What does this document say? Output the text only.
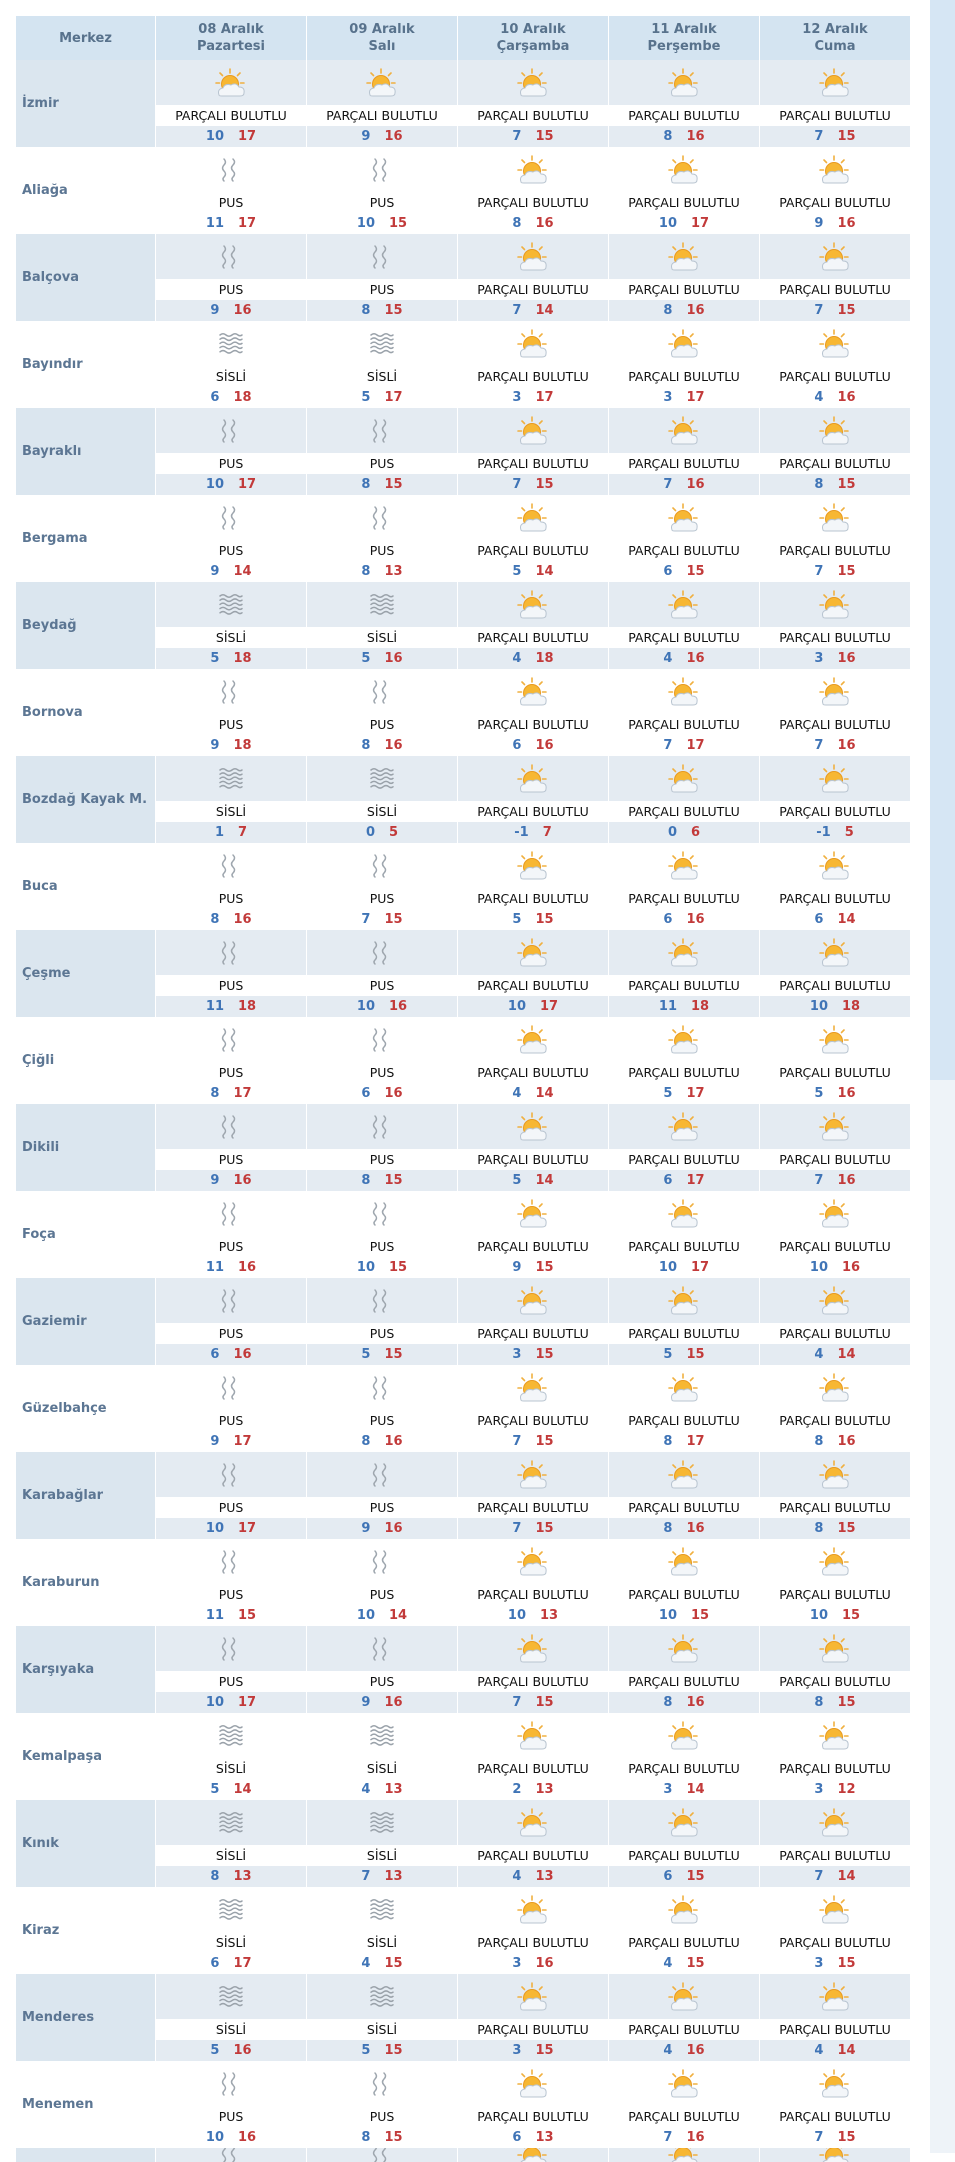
Merkez
08 Aralık
Pazartesi
09 Aralık
Salı
10 Aralık
Çarşamba
11 Aralık
Perşembe
12 Aralık
Cuma
İzmir
PARÇALI BULUTLU
10 17
PARÇALI BULUTLU
9 16
PARÇALI BULUTLU
7 15
PARÇALI BULUTLU
8 16
PARÇALI BULUTLU
7 15
Aliağa
PUS
11 17
PUS
10 15
PARÇALI BULUTLU
8 16
PARÇALI BULUTLU
10 17
PARÇALI BULUTLU
9 16
Balçova
PUS
9 16
PUS
8 15
PARÇALI BULUTLU
7 14
PARÇALI BULUTLU
8 16
PARÇALI BULUTLU
7 15
Bayındır
SİSLİ
6 18
SİSLİ
5 17
PARÇALI BULUTLU
3 17
PARÇALI BULUTLU
3 17
PARÇALI BULUTLU
4 16
Bayraklı
PUS
10 17
PUS
8 15
PARÇALI BULUTLU
7 15
PARÇALI BULUTLU
7 16
PARÇALI BULUTLU
8 15
Bergama
PUS
9 14
PUS
8 13
PARÇALI BULUTLU
5 14
PARÇALI BULUTLU
6 15
PARÇALI BULUTLU
7 15
Beydağ
SİSLİ
5 18
SİSLİ
5 16
PARÇALI BULUTLU
4 18
PARÇALI BULUTLU
4 16
PARÇALI BULUTLU
3 16
Bornova
PUS
9 18
PUS
8 16
PARÇALI BULUTLU
6 16
PARÇALI BULUTLU
7 17
PARÇALI BULUTLU
7 16
Bozdağ Kayak M.
SİSLİ
1 7
SİSLİ
0 5
PARÇALI BULUTLU
-1 7
PARÇALI BULUTLU
0 6
PARÇALI BULUTLU
-1 5
Buca
PUS
8 16
PUS
7 15
PARÇALI BULUTLU
5 15
PARÇALI BULUTLU
6 16
PARÇALI BULUTLU
6 14
Çeşme
PUS
11 18
PUS
10 16
PARÇALI BULUTLU
10 17
PARÇALI BULUTLU
11 18
PARÇALI BULUTLU
10 18
Çiğli
PUS
8 17
PUS
6 16
PARÇALI BULUTLU
4 14
PARÇALI BULUTLU
5 17
PARÇALI BULUTLU
5 16
Dikili
PUS
9 16
PUS
8 15
PARÇALI BULUTLU
5 14
PARÇALI BULUTLU
6 17
PARÇALI BULUTLU
7 16
Foça
PUS
11 16
PUS
10 15
PARÇALI BULUTLU
9 15
PARÇALI BULUTLU
10 17
PARÇALI BULUTLU
10 16
Gaziemir
PUS
6 16
PUS
5 15
PARÇALI BULUTLU
3 15
PARÇALI BULUTLU
5 15
PARÇALI BULUTLU
4 14
Güzelbahçe
PUS
9 17
PUS
8 16
PARÇALI BULUTLU
7 15
PARÇALI BULUTLU
8 17
PARÇALI BULUTLU
8 16
Karabağlar
PUS
10 17
PUS
9 16
PARÇALI BULUTLU
7 15
PARÇALI BULUTLU
8 16
PARÇALI BULUTLU
8 15
Karaburun
PUS
11 15
PUS
10 14
PARÇALI BULUTLU
10 13
PARÇALI BULUTLU
10 15
PARÇALI BULUTLU
10 15
Karşıyaka
PUS
10 17
PUS
9 16
PARÇALI BULUTLU
7 15
PARÇALI BULUTLU
8 16
PARÇALI BULUTLU
8 15
Kemalpaşa
SİSLİ
5 14
SİSLİ
4 13
PARÇALI BULUTLU
2 13
PARÇALI BULUTLU
3 14
PARÇALI BULUTLU
3 12
Kınık
SİSLİ
8 13
SİSLİ
7 13
PARÇALI BULUTLU
4 13
PARÇALI BULUTLU
6 15
PARÇALI BULUTLU
7 14
Kiraz
SİSLİ
6 17
SİSLİ
4 15
PARÇALI BULUTLU
3 16
PARÇALI BULUTLU
4 15
PARÇALI BULUTLU
3 15
Menderes
SİSLİ
5 16
SİSLİ
5 15
PARÇALI BULUTLU
3 15
PARÇALI BULUTLU
4 16
PARÇALI BULUTLU
4 14
Menemen
PUS
10 16
PUS
8 15
PARÇALI BULUTLU
6 13
PARÇALI BULUTLU
7 16
PARÇALI BULUTLU
7 15
